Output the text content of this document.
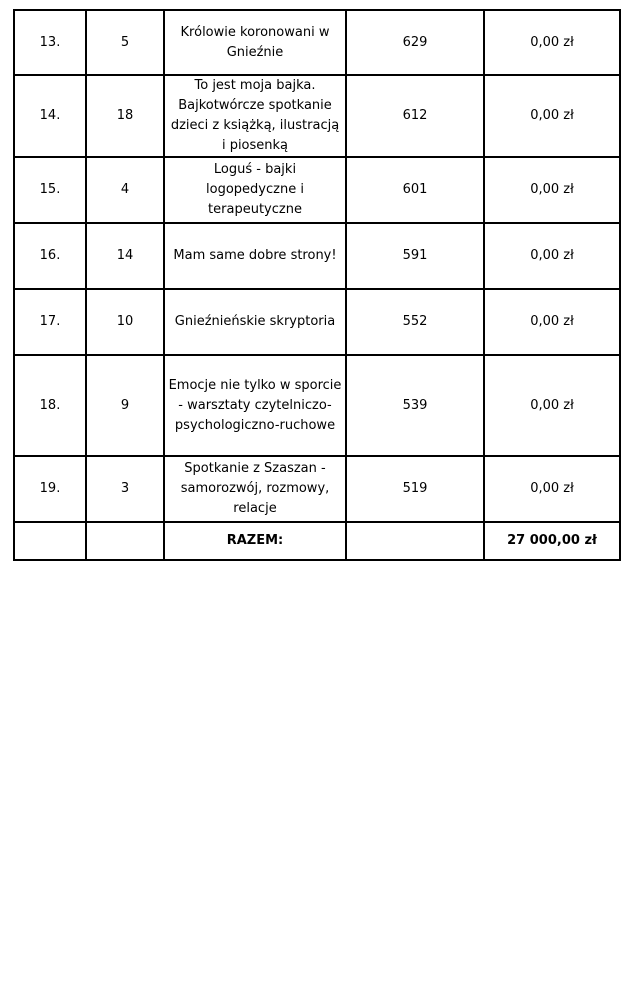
13.	5	Królowie koronowani w Gnieźnie	629	0,00 zł
14.	18	To jest moja bajka. Bajkotwórcze spotkanie dzieci z książką, ilustracją i piosenką	612	0,00 zł
15.	4	Loguś - bajki logopedyczne i terapeutyczne	601	0,00 zł
16.	14	Mam same dobre strony!	591	0,00 zł
17.	10	Gnieźnieńskie skryptoria	552	0,00 zł
18.	9	Emocje nie tylko w sporcie - warsztaty czytelniczo-psychologiczno-ruchowe	539	0,00 zł
19.	3	Spotkanie z Szaszan - samorozwój, rozmowy, relacje	519	0,00 zł
		RAZEM:		27 000,00 zł
